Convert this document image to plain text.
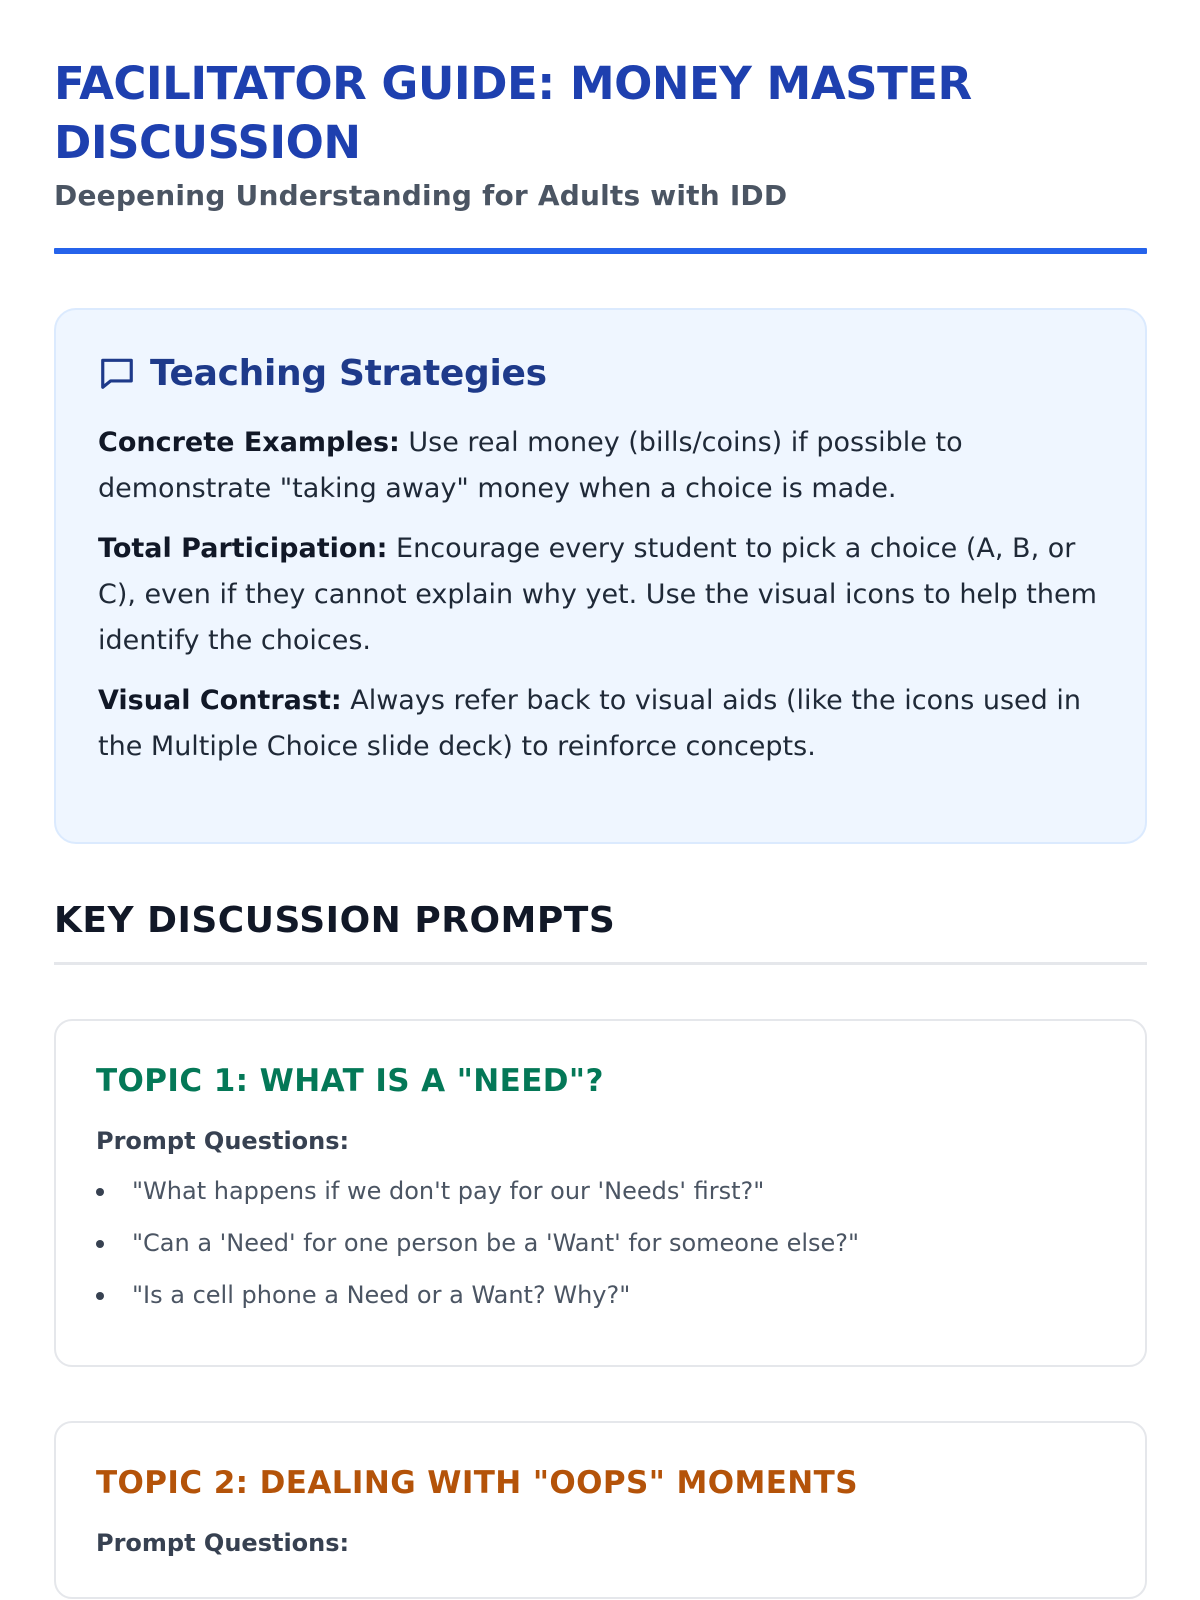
FACILITATOR GUIDE: MONEY MASTER DISCUSSION
Deepening Understanding for Adults with IDD
Teaching Strategies

Concrete Examples: Use real money (bills/coins) if possible to demonstrate "taking away" money when a choice is made.

Total Participation: Encourage every student to pick a choice (A, B, or C), even if they cannot explain why yet. Use the visual icons to help them identify the choices.

Visual Contrast: Always refer back to visual aids (like the icons used in the Multiple Choice slide deck) to reinforce concepts.

KEY DISCUSSION PROMPTS
TOPIC 1: WHAT IS A "NEED"?
Prompt Questions:
"What happens if we don't pay for our 'Needs' first?"
"Can a 'Need' for one person be a 'Want' for someone else?"
"Is a cell phone a Need or a Want? Why?"
TOPIC 2: DEALING WITH "OOPS" MOMENTS
Prompt Questions:
